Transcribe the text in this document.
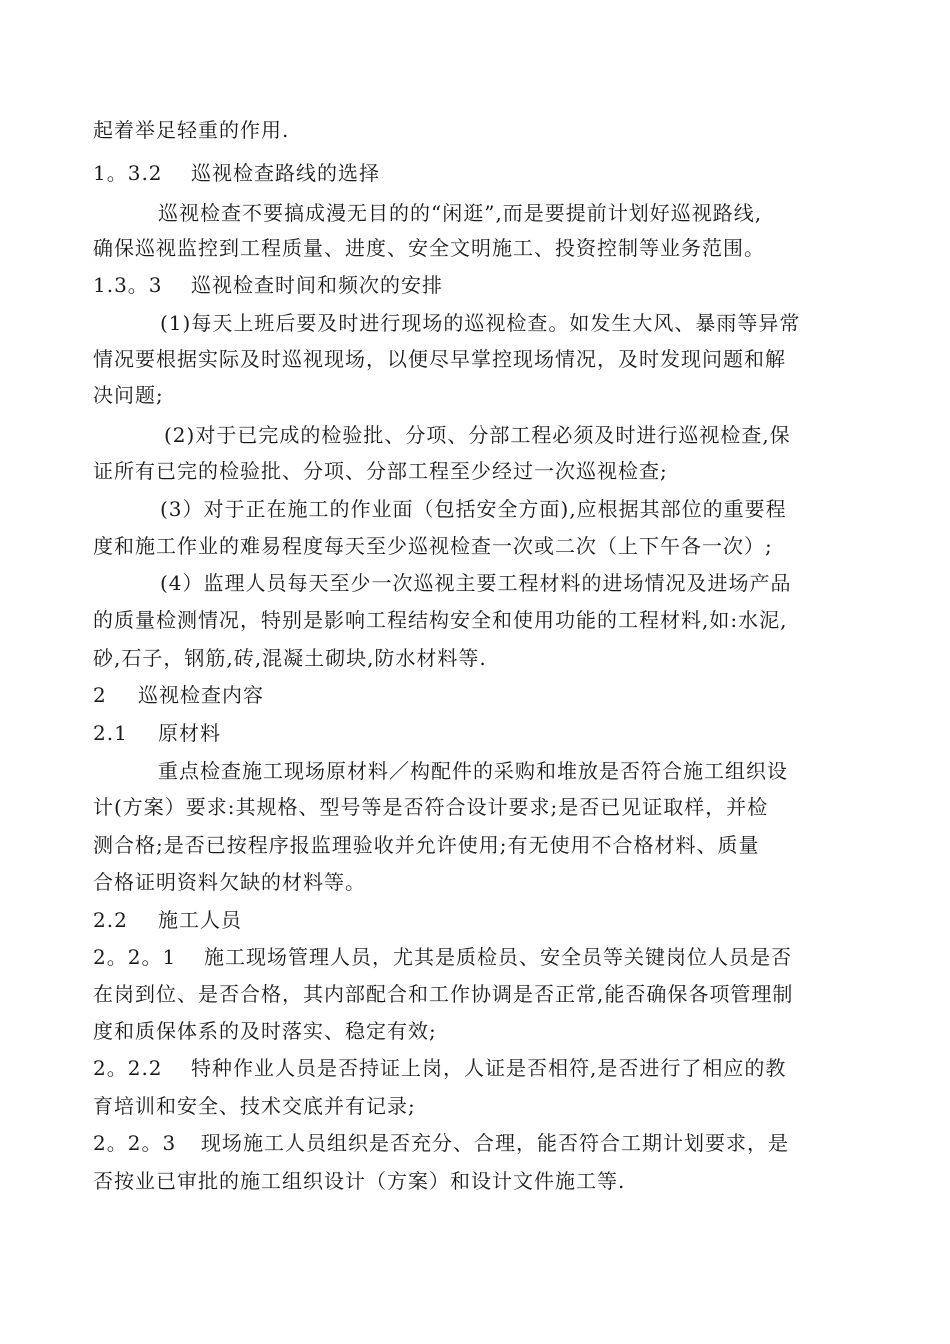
起着举足轻重的作用.
1。3.2 巡视检查路线的选择
巡视检查不要搞成漫无目的的“闲逛”,而是要提前计划好巡视路线,
确保巡视监控到工程质量、进度、安全文明施工、投资控制等业务范围。
1.3。3 巡视检查时间和频次的安排
(1)每天上班后要及时进行现场的巡视检查。如发生大风、暴雨等异常
情况要根据实际及时巡视现场，以便尽早掌控现场情况，及时发现问题和解
决问题;
(2)对于已完成的检验批、分项、分部工程必须及时进行巡视检查,保
证所有已完的检验批、分项、分部工程至少经过一次巡视检查;
(3）对于正在施工的作业面（包括安全方面),应根据其部位的重要程
度和施工作业的难易程度每天至少巡视检查一次或二次（上下午各一次）;
(4）监理人员每天至少一次巡视主要工程材料的进场情况及进场产品
的质量检测情况，特别是影响工程结构安全和使用功能的工程材料,如:水泥,
砂,石子，钢筋,砖,混凝土砌块,防水材料等.
2 巡视检查内容
2.1 原材料
重点检查施工现场原材料／构配件的采购和堆放是否符合施工组织设
计(方案）要求:其规格、型号等是否符合设计要求;是否已见证取样，并检
测合格;是否已按程序报监理验收并允许使用;有无使用不合格材料、质量
合格证明资料欠缺的材料等。
2.2 施工人员
2。2。1 施工现场管理人员，尤其是质检员、安全员等关键岗位人员是否
在岗到位、是否合格，其内部配合和工作协调是否正常,能否确保各项管理制
度和质保体系的及时落实、稳定有效;
2。2.2 特种作业人员是否持证上岗，人证是否相符,是否进行了相应的教
育培训和安全、技术交底并有记录;
2。2。3 现场施工人员组织是否充分、合理，能否符合工期计划要求，是
否按业已审批的施工组织设计（方案）和设计文件施工等.
